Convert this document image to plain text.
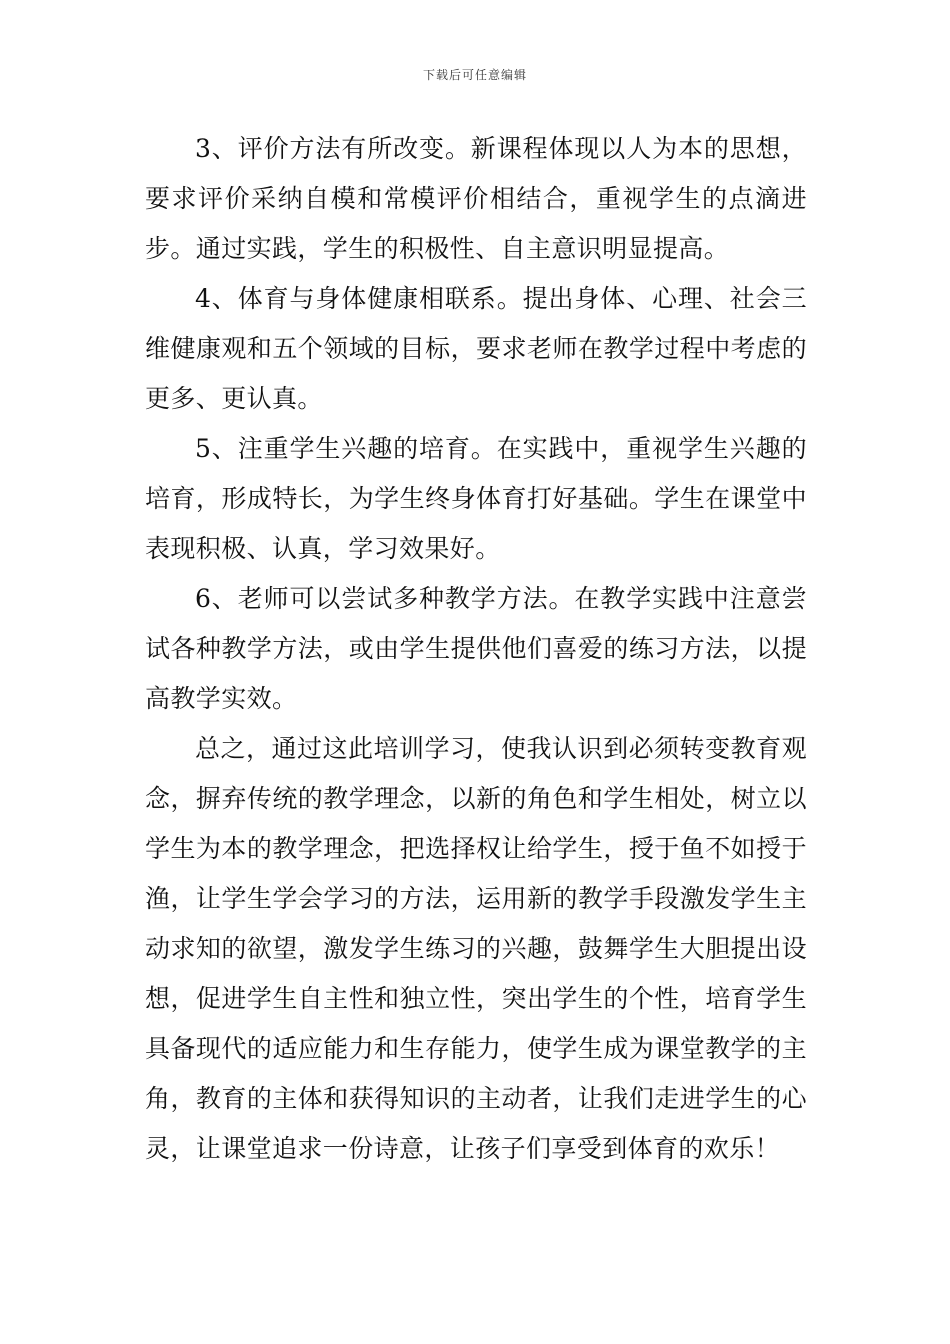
下载后可任意编辑

3、评价方法有所改变。新课程体现以人为本的思想，要求评价采纳自模和常模评价相结合，重视学生的点滴进步。通过实践，学生的积极性、自主意识明显提高。

4、体育与身体健康相联系。提出身体、心理、社会三维健康观和五个领域的目标，要求老师在教学过程中考虑的更多、更认真。

5、注重学生兴趣的培育。在实践中，重视学生兴趣的培育，形成特长，为学生终身体育打好基础。学生在课堂中表现积极、认真，学习效果好。

6、老师可以尝试多种教学方法。在教学实践中注意尝试各种教学方法，或由学生提供他们喜爱的练习方法，以提高教学实效。

总之，通过这此培训学习，使我认识到必须转变教育观念，摒弃传统的教学理念，以新的角色和学生相处，树立以学生为本的教学理念，把选择权让给学生，授于鱼不如授于渔，让学生学会学习的方法，运用新的教学手段激发学生主动求知的欲望，激发学生练习的兴趣，鼓舞学生大胆提出设想，促进学生自主性和独立性，突出学生的个性，培育学生具备现代的适应能力和生存能力，使学生成为课堂教学的主角，教育的主体和获得知识的主动者，让我们走进学生的心灵，让课堂追求一份诗意，让孩子们享受到体育的欢乐！
